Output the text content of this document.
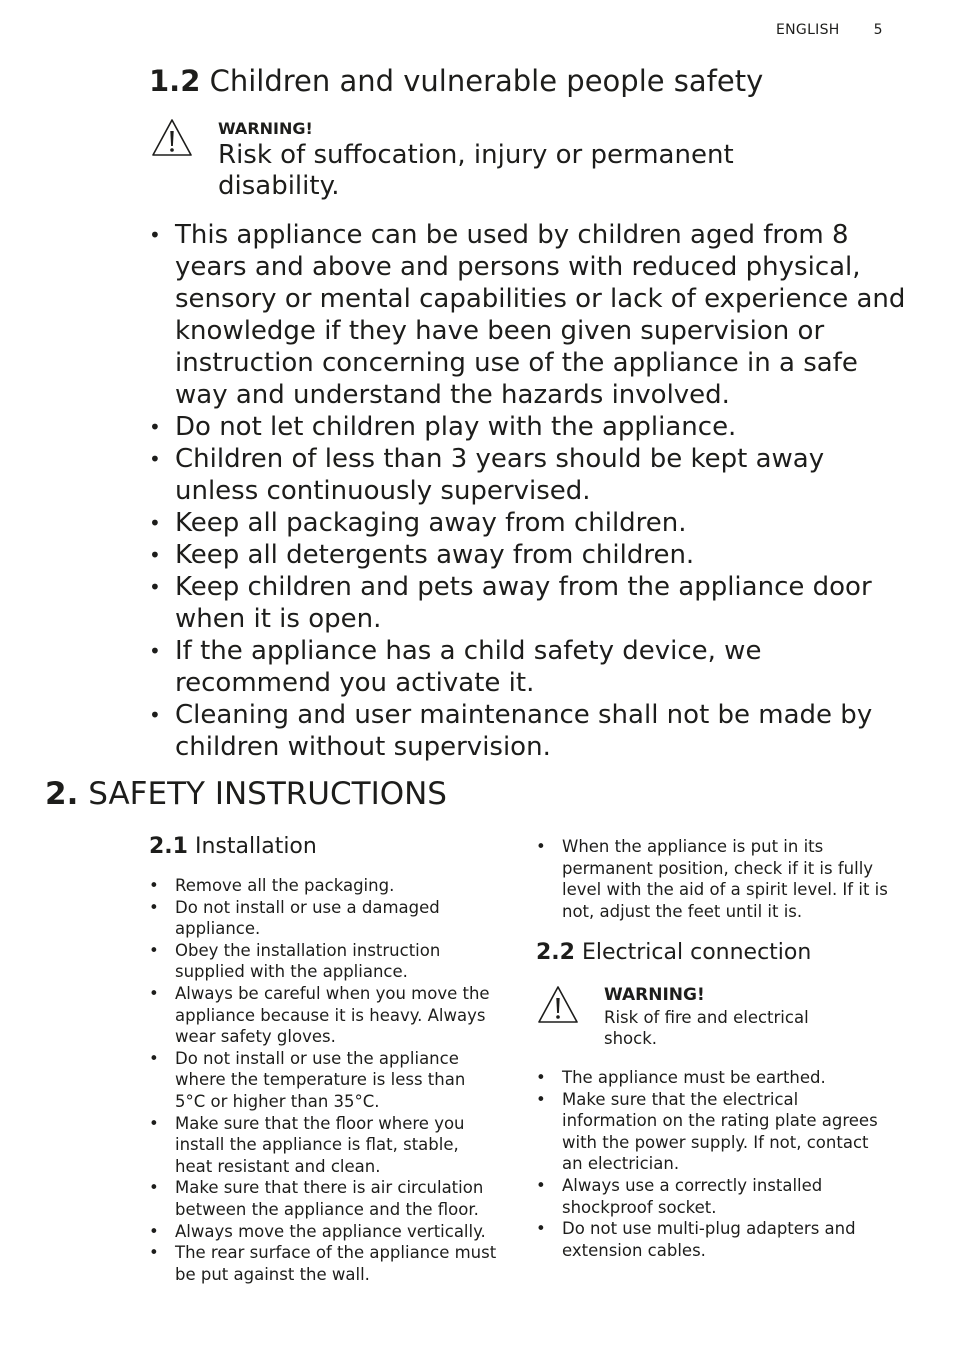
ENGLISH 5
1.2 Children and vulnerable people safety
WARNING!
Risk of suffocation, injury or permanent disability.
• This appliance can be used by children aged from 8 years and above and persons with reduced physical, sensory or mental capabilities or lack of experience and knowledge if they have been given supervision or instruction concerning use of the appliance in a safe way and understand the hazards involved.
• Do not let children play with the appliance.
• Children of less than 3 years should be kept away unless continuously supervised.
• Keep all packaging away from children.
• Keep all detergents away from children.
• Keep children and pets away from the appliance door when it is open.
• If the appliance has a child safety device, we recommend you activate it.
• Cleaning and user maintenance shall not be made by children without supervision.
2. SAFETY INSTRUCTIONS
2.1 Installation
• Remove all the packaging.
• Do not install or use a damaged appliance.
• Obey the installation instruction supplied with the appliance.
• Always be careful when you move the appliance because it is heavy. Always wear safety gloves.
• Do not install or use the appliance where the temperature is less than 5°C or higher than 35°C.
• Make sure that the floor where you install the appliance is flat, stable, heat resistant and clean.
• Make sure that there is air circulation between the appliance and the floor.
• Always move the appliance vertically.
• The rear surface of the appliance must be put against the wall.
• When the appliance is put in its permanent position, check if it is fully level with the aid of a spirit level. If it is not, adjust the feet until it is.
2.2 Electrical connection
WARNING!
Risk of fire and electrical shock.
• The appliance must be earthed.
• Make sure that the electrical information on the rating plate agrees with the power supply. If not, contact an electrician.
• Always use a correctly installed shockproof socket.
• Do not use multi-plug adapters and extension cables.
